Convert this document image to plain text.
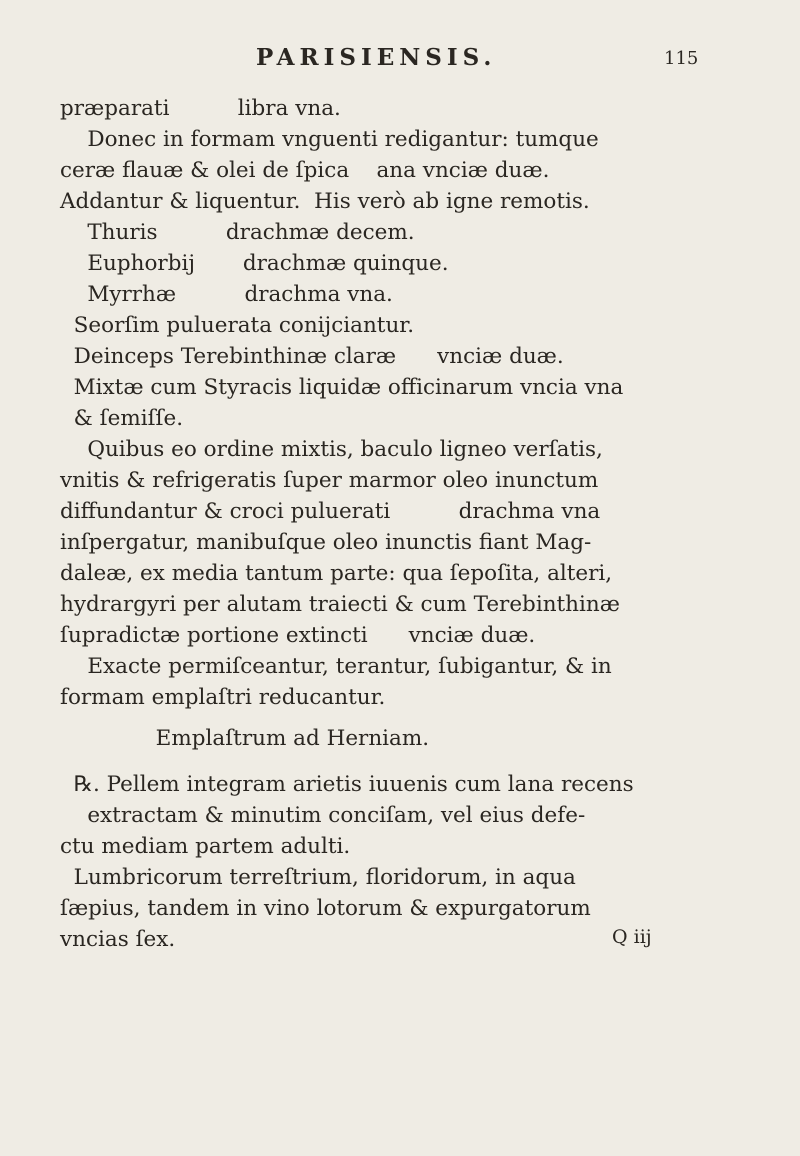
PARISIENSIS.	115
præparati          libra vna.
Donec in formam vnguenti redigantur: tumque
ceræ flauæ & olei de ſpica    ana vnciæ duæ.
Addantur & liquentur.  His verò ab igne remotis.
Thuris          drachmæ decem.
Euphorbij       drachmæ quinque.
Myrrhæ          drachma vna.
Seorſim puluerata conijciantur.
Deinceps Terebinthinæ claræ      vnciæ duæ.
Mixtæ cum Styracis liquidæ officinarum vncia vna
& ſemiſſe.
Quibus eo ordine mixtis, baculo ligneo verſatis,
vnitis & refrigeratis ſuper marmor oleo inunctum
diffundantur & croci puluerati          drachma vna
inſpergatur, manibuſque oleo inunctis fiant Mag-
daleæ, ex media tantum parte: qua ſepoſita, alteri,
hydrargyri per alutam traiecti & cum Terebinthinæ
ſupradictæ portione extincti      vnciæ duæ.
Exacte permiſceantur, terantur, ſubigantur, & in
formam emplaſtri reducantur.
Emplaſtrum ad Herniam.
℞. Pellem integram arietis iuuenis cum lana recens
extractam & minutim conciſam, vel eius defe-
ctu mediam partem adulti.
Lumbricorum terreſtrium, floridorum, in aqua
ſæpius, tandem in vino lotorum & expurgatorum
vncias ſex.	Q iij
